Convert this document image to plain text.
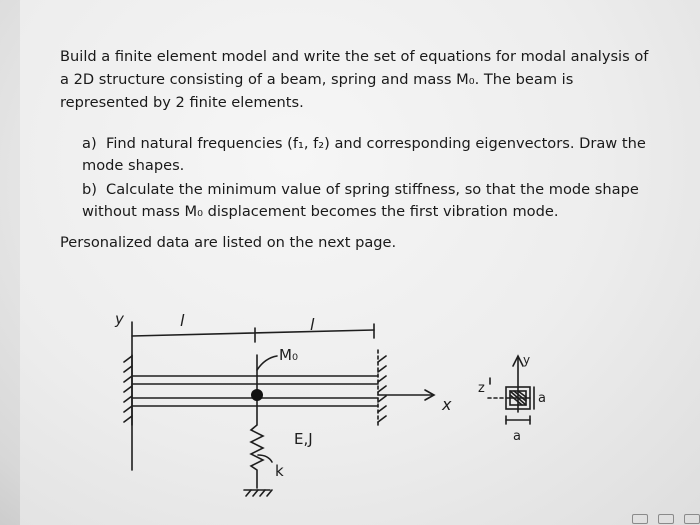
Build a finite element model and write the set of equations for modal analysis of a 2D structure consisting of a beam, spring and mass M₀. The beam is represented by 2 finite elements.
a) Find natural frequencies (f₁, f₂) and corresponding eigenvectors. Draw the mode shapes.
b) Calculate the minimum value of spring stiffness, so that the mode shape without mass M₀ displacement becomes the first vibration mode.
Personalized data are listed on the next page.
y	l	l
M₀
E,J
k
x
z
y
a
a
